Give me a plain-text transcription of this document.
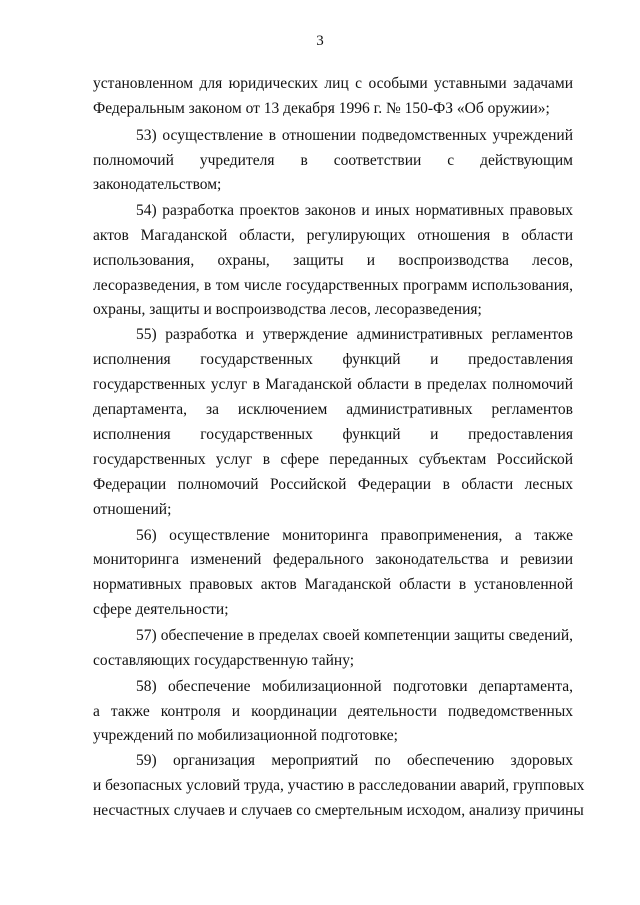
3
установленном для юридических лиц с особыми уставными задачами
Федеральным законом от 13 декабря 1996 г. № 150-ФЗ «Об оружии»;
53) осуществление в отношении подведомственных учреждений
полномочий учредителя в соответствии с действующим
законодательством;
54) разработка проектов законов и иных нормативных правовых
актов Магаданской области, регулирующих отношения в области
использования, охраны, защиты и воспроизводства лесов,
лесоразведения, в том числе государственных программ использования,
охраны, защиты и воспроизводства лесов, лесоразведения;
55) разработка и утверждение административных регламентов
исполнения государственных функций и предоставления
государственных услуг в Магаданской области в пределах полномочий
департамента, за исключением административных регламентов
исполнения государственных функций и предоставления
государственных услуг в сфере переданных субъектам Российской
Федерации полномочий Российской Федерации в области лесных
отношений;
56) осуществление мониторинга правоприменения, а также
мониторинга изменений федерального законодательства и ревизии
нормативных правовых актов Магаданской области в установленной
сфере деятельности;
57) обеспечение в пределах своей компетенции защиты сведений,
составляющих государственную тайну;
58) обеспечение мобилизационной подготовки департамента,
а также контроля и координации деятельности подведомственных
учреждений по мобилизационной подготовке;
59) организация мероприятий по обеспечению здоровых
и безопасных условий труда, участию в расследовании аварий, групповых
несчастных случаев и случаев со смертельным исходом, анализу причины
